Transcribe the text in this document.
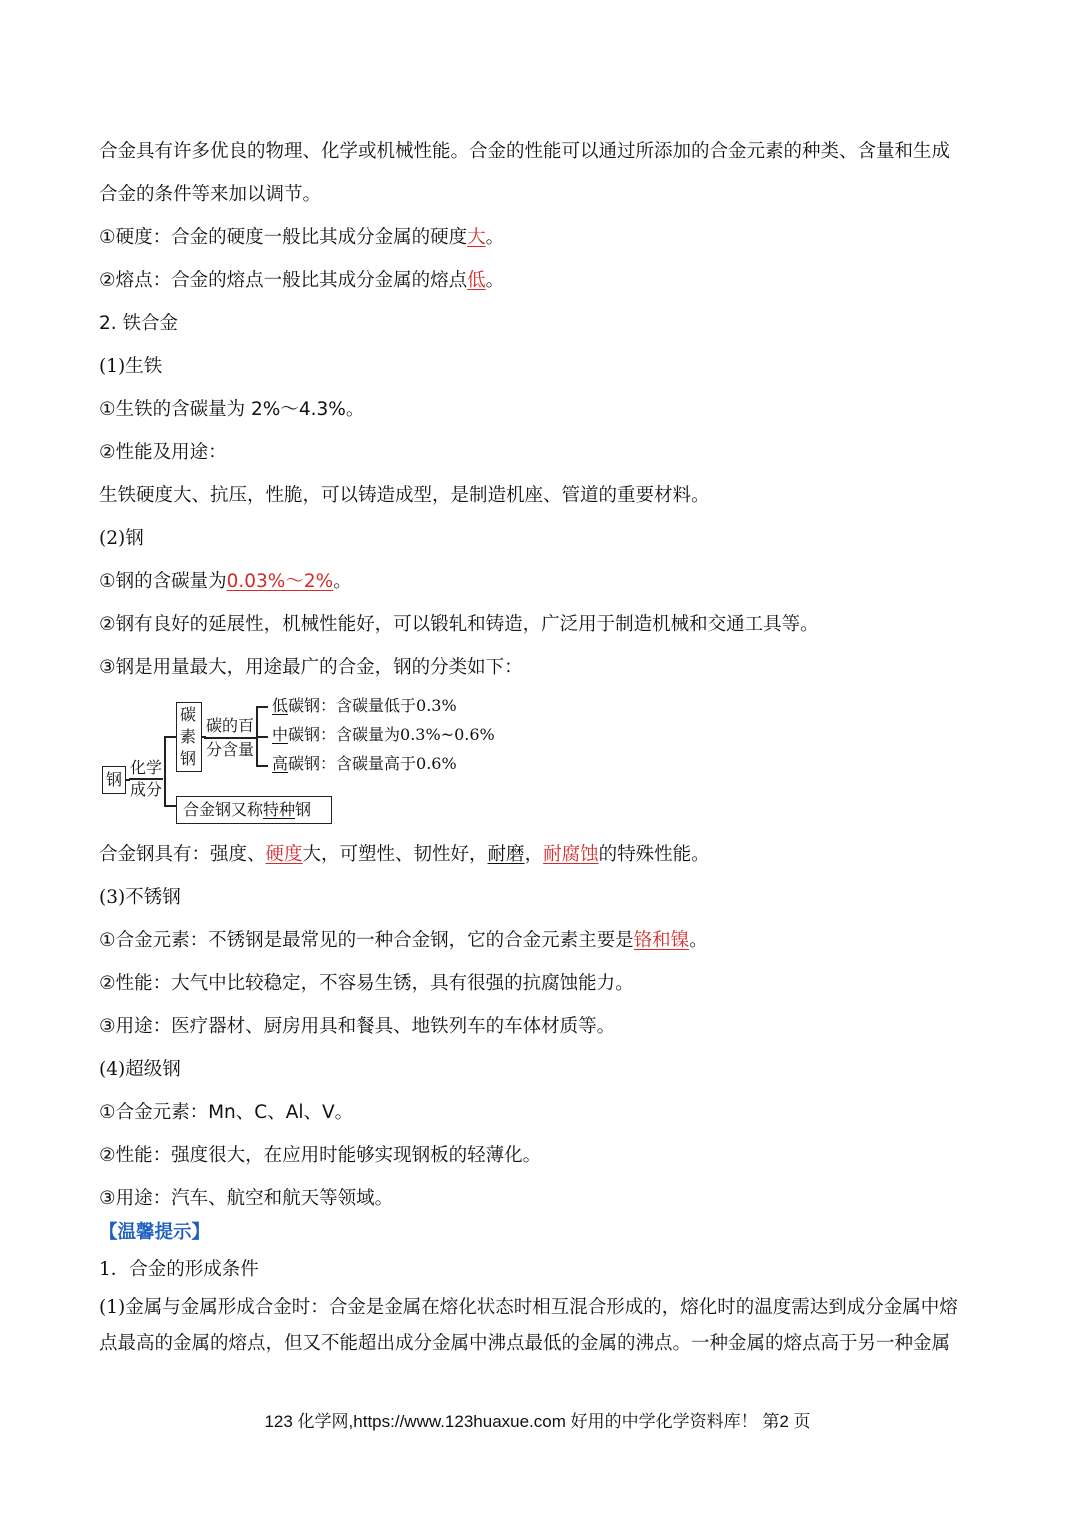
合金具有许多优良的物理、化学或机械性能。合金的性能可以通过所添加的合金元素的种类、含量和生成
合金的条件等来加以调节。
①硬度：合金的硬度一般比其成分金属的硬度大。
②熔点：合金的熔点一般比其成分金属的熔点低。
2. 铁合金
(1)生铁
①生铁的含碳量为 2%～4.3%。
②性能及用途：
生铁硬度大、抗压，性脆，可以铸造成型，是制造机座、管道的重要材料。
(2)钢
①钢的含碳量为0.03%～2%。
②钢有良好的延展性，机械性能好，可以锻轧和铸造，广泛用于制造机械和交通工具等。
③钢是用量最大，用途最广的合金，钢的分类如下：
钢
化学
成分
碳
素
钢
碳的百
分含量
低碳钢：含碳量低于0.3%
中碳钢：含碳量为0.3%~0.6%
高碳钢：含碳量高于0.6%
合金钢又称特种钢
合金钢具有：强度、硬度大，可塑性、韧性好，耐磨，耐腐蚀的特殊性能。
(3)不锈钢
①合金元素：不锈钢是最常见的一种合金钢，它的合金元素主要是铬和镍。
②性能：大气中比较稳定，不容易生锈，具有很强的抗腐蚀能力。
③用途：医疗器材、厨房用具和餐具、地铁列车的车体材质等。
(4)超级钢
①合金元素：Mn、C、Al、V。
②性能：强度很大，在应用时能够实现钢板的轻薄化。
③用途：汽车、航空和航天等领域。
【温馨提示】
1．合金的形成条件
(1)金属与金属形成合金时：合金是金属在熔化状态时相互混合形成的，熔化时的温度需达到成分金属中熔
点最高的金属的熔点，但又不能超出成分金属中沸点最低的金属的沸点。一种金属的熔点高于另一种金属
123 化学网,https://www.123huaxue.com 好用的中学化学资料库！ 第2 页
